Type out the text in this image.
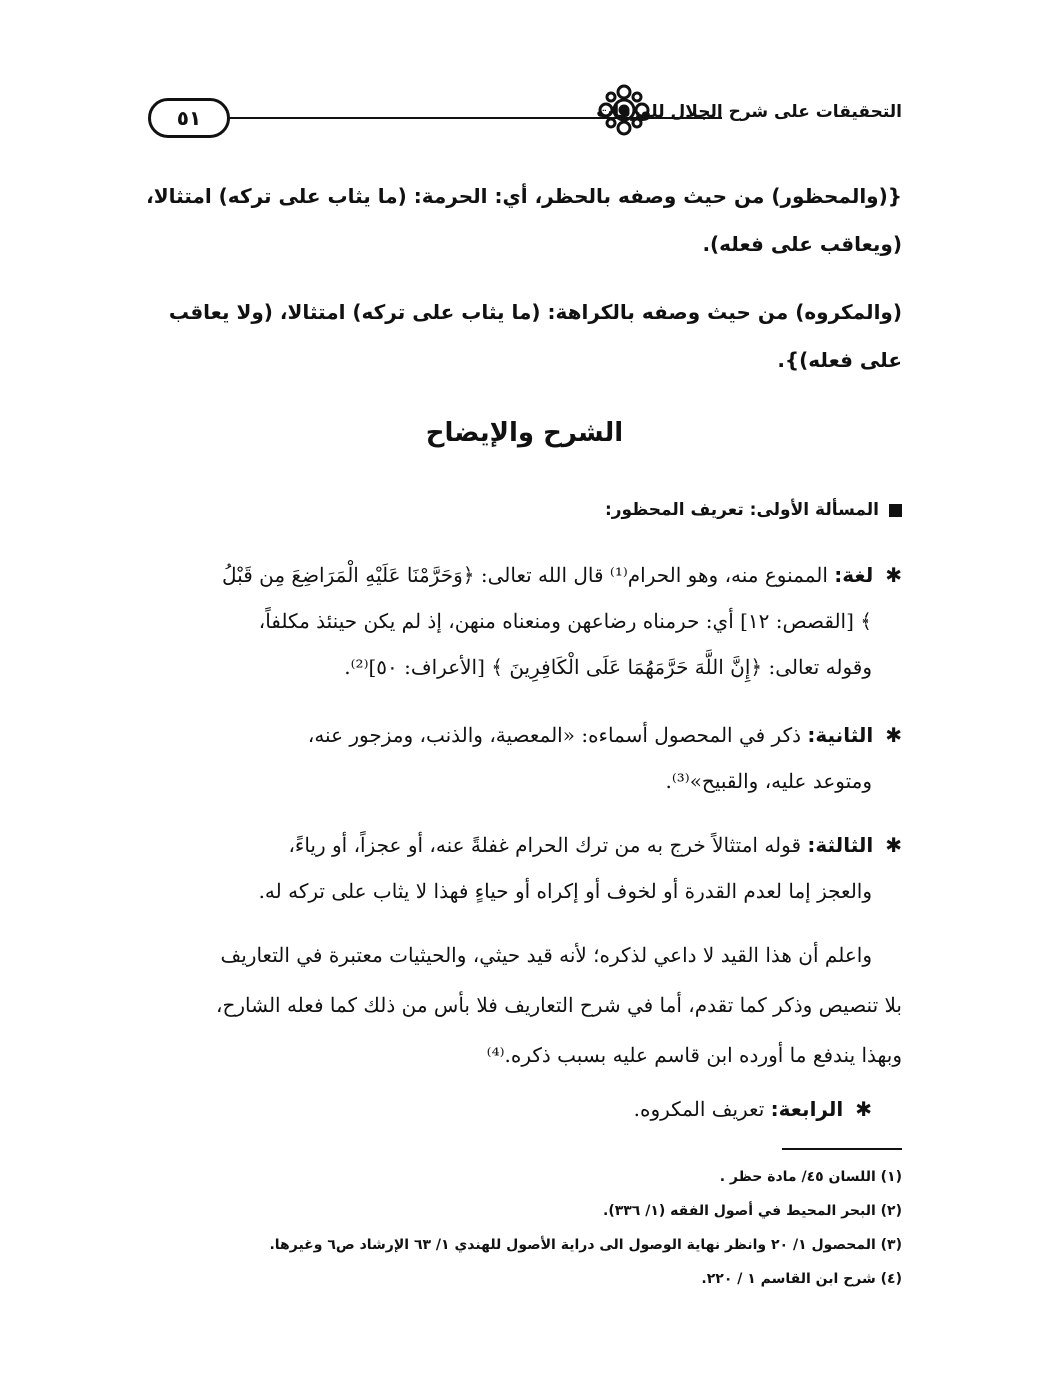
٥١	التحقيقات على شرح الجلال للورقات
{(والمحظور) من حيث وصفه بالحظر، أي: الحرمة: (ما يثاب على تركه) امتثالا،
(ويعاقب على فعله).
(والمكروه) من حيث وصفه بالكراهة: (ما يثاب على تركه) امتثالا، (ولا يعاقب
على فعله)}.
الشرح والإيضاح
المسألة الأولى: تعريف المحظور:
✱لغة: الممنوع منه، وهو الحرام⁽¹⁾ قال الله تعالى: ﴿وَحَرَّمْنَا عَلَيْهِ الْمَرَاضِعَ مِن قَبْلُ
﴾ [القصص: ١٢] أي: حرمناه رضاعهن ومنعناه منهن، إذ لم يكن حينئذ مكلفاً،
وقوله تعالى: ﴿إِنَّ اللَّهَ حَرَّمَهُمَا عَلَى الْكَافِرِينَ ﴾ [الأعراف: ٥٠]⁽²⁾.
✱الثانية: ذكر في المحصول أسماءه: «المعصية، والذنب، ومزجور عنه،
ومتوعد عليه، والقبيح»⁽³⁾.
✱الثالثة: قوله امتثالاً خرج به من ترك الحرام غفلةً عنه، أو عجزاً، أو رياءً،
والعجز إما لعدم القدرة أو لخوف أو إكراه أو حياءٍ فهذا لا يثاب على تركه له.
واعلم أن هذا القيد لا داعي لذكره؛ لأنه قيد حيثي، والحيثيات معتبرة في التعاريف
بلا تنصيص وذكر كما تقدم، أما في شرح التعاريف فلا بأس من ذلك كما فعله الشارح،
وبهذا يندفع ما أورده ابن قاسم عليه بسبب ذكره.⁽⁴⁾
✱الرابعة: تعريف المكروه.
(١) اللسان ٤٥/ مادة حظر .
(٢) البحر المحيط في أصول الفقه (١/ ٣٣٦).
(٣) المحصول ١/ ٢٠ وانظر نهاية الوصول الى دراية الأصول للهندي ١/ ٦٣ الإرشاد ص٦ وغيرها.
(٤) شرح ابن القاسم ١ / ٢٢٠.
